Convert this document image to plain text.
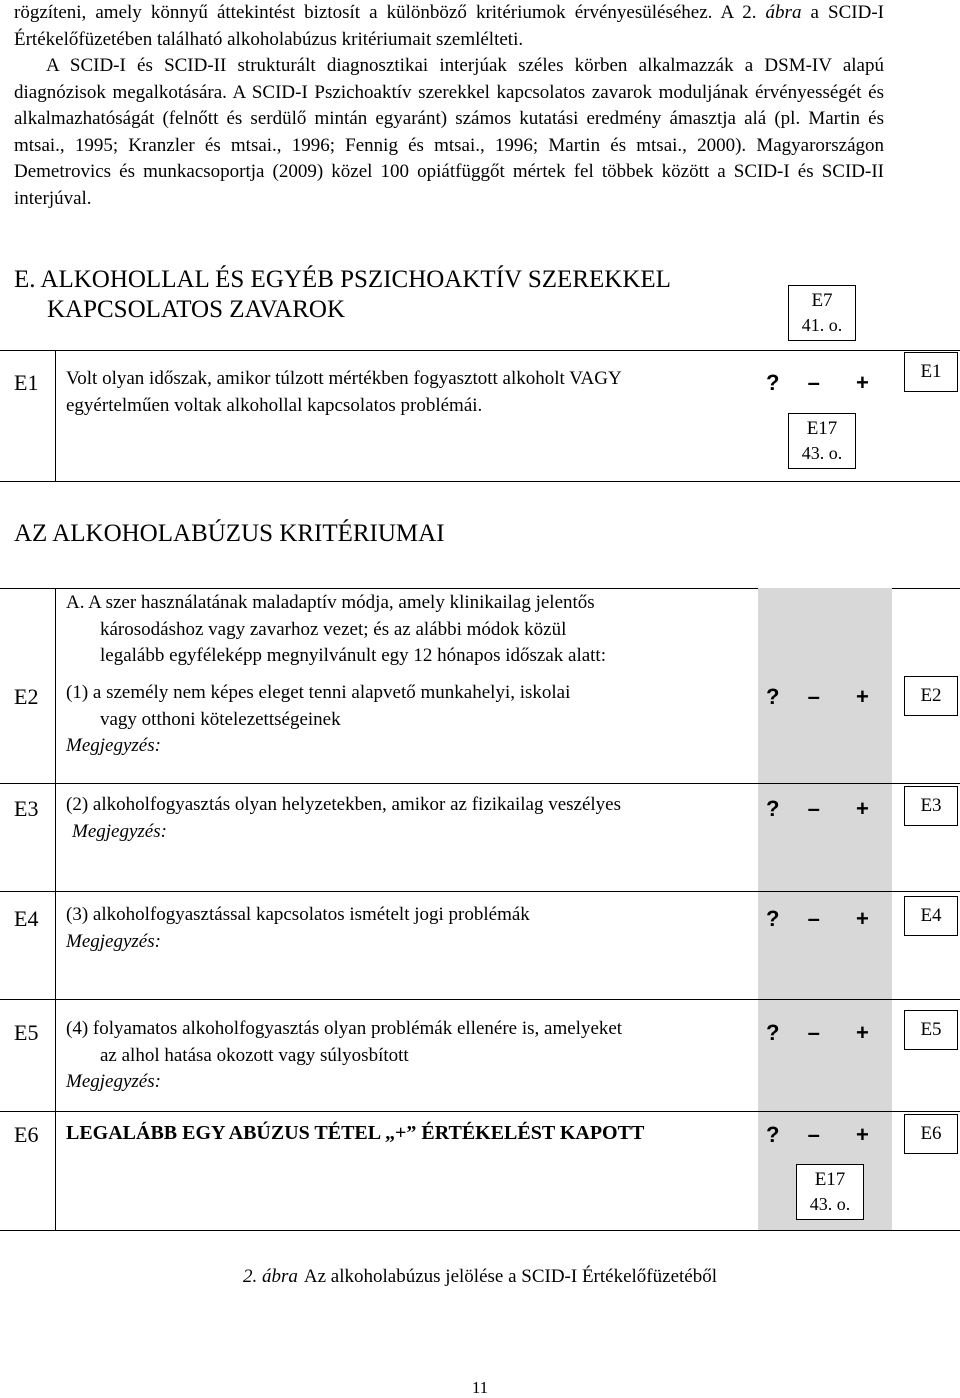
rögzíteni, amely könnyű áttekintést biztosít a különböző kritériumok érvényesüléséhez. A 2. ábra a SCID-I Értékelőfüzetében található alkoholabúzus kritériumait szemlélteti.

A SCID-I és SCID-II strukturált diagnosztikai interjúak széles körben alkalmazzák a DSM-IV alapú diagnózisok megalkotására. A SCID-I Pszichoaktív szerekkel kapcsolatos zavarok moduljának érvényességét és alkalmazhatóságát (felnőtt és serdülő mintán egyaránt) számos kutatási eredmény ámasztja alá (pl. Martin és mtsai., 1995; Kranzler és mtsai., 1996; Fennig és mtsai., 1996; Martin és mtsai., 2000). Magyarországon Demetrovics és munkacsoportja (2009) közel 100 opiátfüggőt mértek fel többek között a SCID-I és SCID-II interjúval.

E. ALKOHOLLAL ÉS EGYÉB PSZICHOAKTÍV SZEREKKEL
KAPCSOLATOS ZAVAROK	E7
41. o.
E1 Volt olyan időszak, amikor túlzott mértékben fogyasztott alkoholt VAGY
egyértelműen voltak alkohollal kapcsolatos problémái.
? – +	E1
E17
43. o.
AZ ALKOHOLABÚZUS KRITÉRIUMAI
A. A szer használatának maladaptív módja, amely klinikailag jelentős
károsodáshoz vagy zavarhoz vezet; és az alábbi módok közül
legalább egyféleképp megnyilvánult egy 12 hónapos időszak alatt:
E2 (1) a személy nem képes eleget tenni alapvető munkahelyi, iskolai
vagy otthoni kötelezettségeinek
Megjegyzés:
? – +	E2
E3 (2) alkoholfogyasztás olyan helyzetekben, amikor az fizikailag veszélyes
Megjegyzés:
? – +	E3
E4 (3) alkoholfogyasztással kapcsolatos ismételt jogi problémák
Megjegyzés:
? – +	E4
E5 (4) folyamatos alkoholfogyasztás olyan problémák ellenére is, amelyeket
az alhol hatása okozott vagy súlyosbított
Megjegyzés:
? – +	E5
E6 LEGALÁBB EGY ABÚZUS TÉTEL „+” ÉRTÉKELÉST KAPOTT	? – +	E6
E17
43. o.
2. ábra Az alkoholabúzus jelölése a SCID-I Értékelőfüzetéből
11
